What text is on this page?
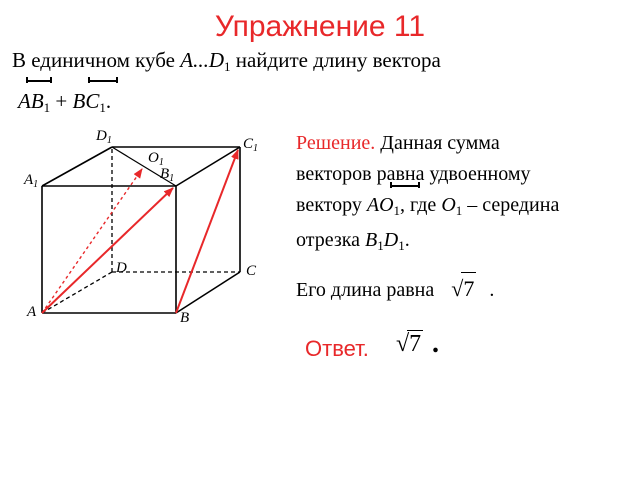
Упражнение 11
В единичном кубе $A...D_1$ найдите длину вектора
$AB_1 + BC_1$.
$A_1$
$D_1$	$C_1$
$B_1$
$O_1$
D	C
A	B
Решение. Данная сумма
векторов равна удвоенному
вектору $AO_1$, где $O_1$ – середина
отрезка $B_1D_1$.
Его длина равна √7 .
Ответ. √7 .
